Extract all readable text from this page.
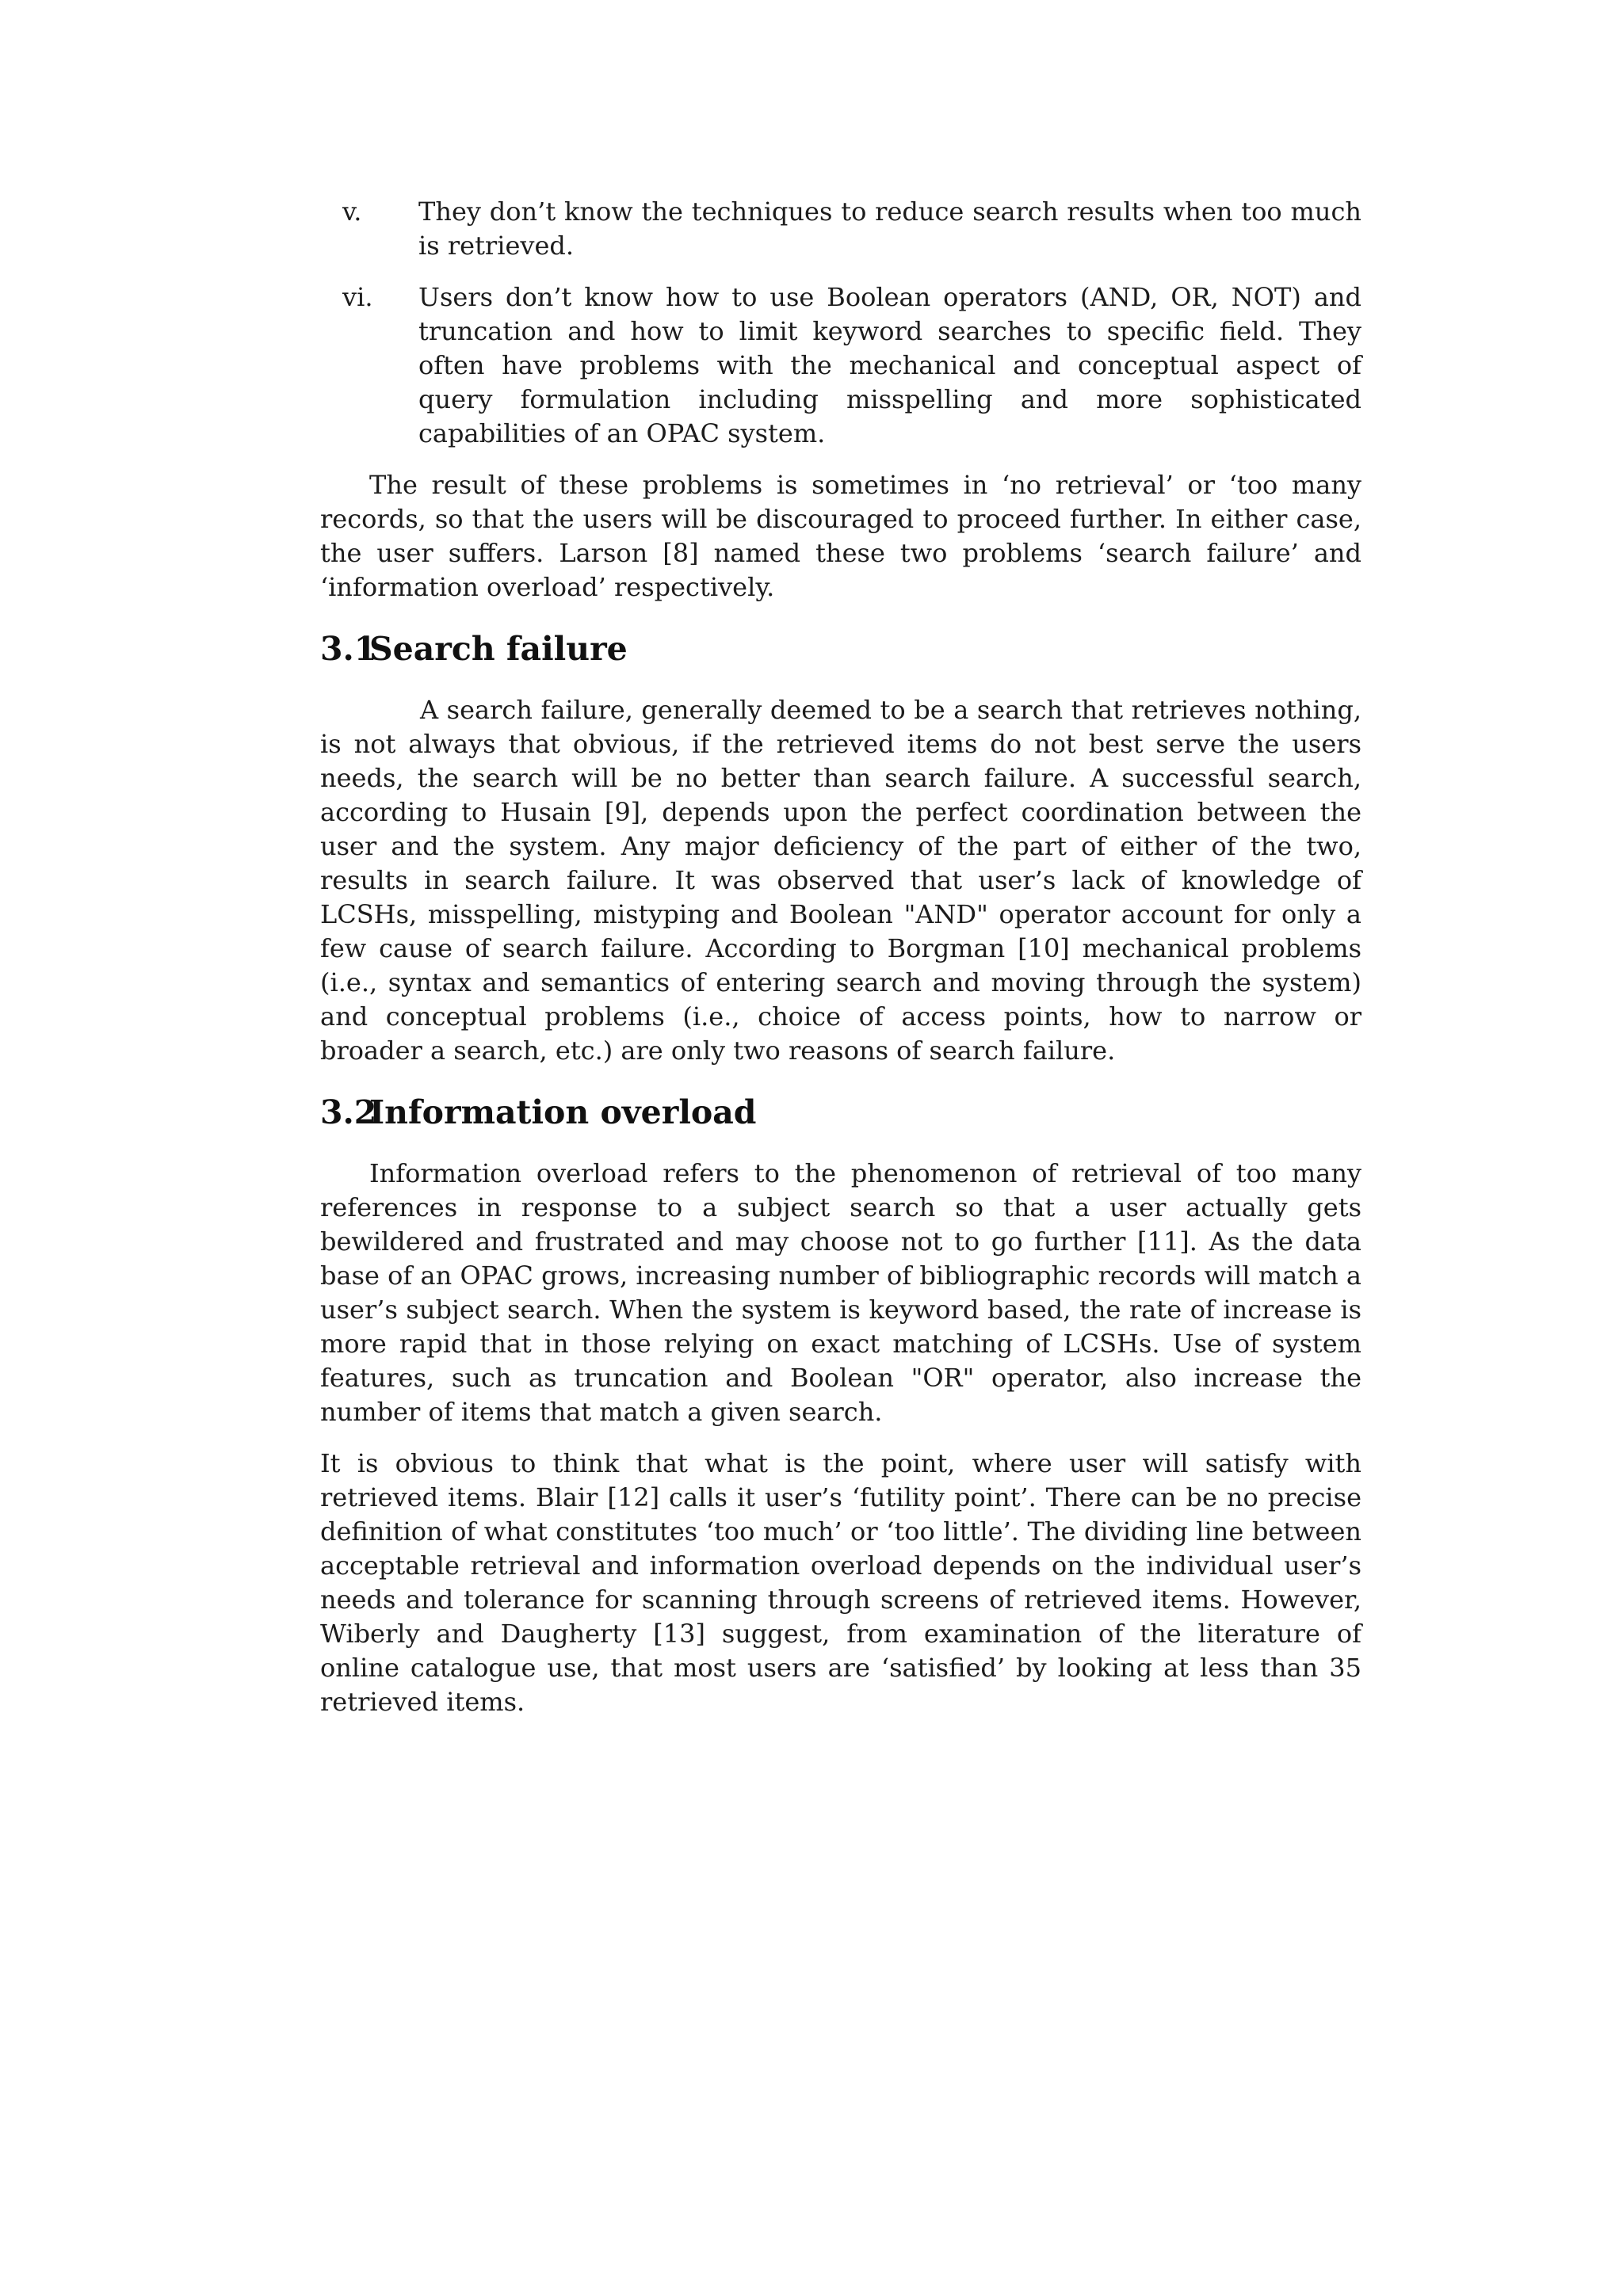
v.	They don’t know the techniques to reduce search results when too much is retrieved.
vi.	Users don’t know how to use Boolean operators (AND, OR, NOT) and truncation and how to limit keyword searches to specific field. They often have problems with the mechanical and conceptual aspect of query formulation including misspelling and more sophisticated capabilities of an OPAC system.

The result of these problems is sometimes in ‘no retrieval’ or ‘too many records, so that the users will be discouraged to proceed further. In either case, the user suffers. Larson [8] named these two problems ‘search failure’ and ‘information overload’ respectively.

3.1Search failure

A search failure, generally deemed to be a search that retrieves nothing, is not always that obvious, if the retrieved items do not best serve the users needs, the search will be no better than search failure. A successful search, according to Husain [9], depends upon the perfect coordination between the user and the system. Any major deficiency of the part of either of the two, results in search failure. It was observed that user’s lack of knowledge of LCSHs, misspelling, mistyping and Boolean "AND" operator account for only a few cause of search failure. According to Borgman [10] mechanical problems (i.e., syntax and semantics of entering search and moving through the system) and conceptual problems (i.e., choice of access points, how to narrow or broader a search, etc.) are only two reasons of search failure.

3.2Information overload

Information overload refers to the phenomenon of retrieval of too many references in response to a subject search so that a user actually gets bewildered and frustrated and may choose not to go further [11]. As the data base of an OPAC grows, increasing number of bibliographic records will match a user’s subject search. When the system is keyword based, the rate of increase is more rapid that in those relying on exact matching of LCSHs. Use of system features, such as truncation and Boolean "OR" operator, also increase the number of items that match a given search.

It is obvious to think that what is the point, where user will satisfy with retrieved items. Blair [12] calls it user’s ‘futility point’. There can be no precise definition of what constitutes ‘too much’ or ‘too little’. The dividing line between acceptable retrieval and information overload depends on the individual user’s needs and tolerance for scanning through screens of retrieved items. However, Wiberly and Daugherty [13] suggest, from examination of the literature of online catalogue use, that most users are ‘satisfied’ by looking at less than 35 retrieved items.
